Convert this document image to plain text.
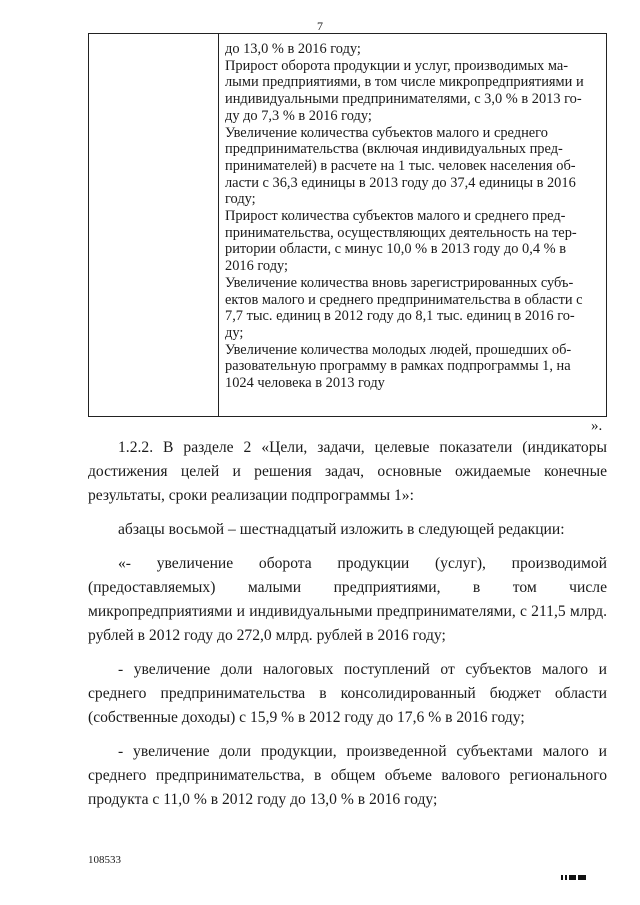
7

до 13,0 % в 2016 году;

Прирост оборота продукции и услуг, производимых ма-

лыми предприятиями, в том числе микропредприятиями и

индивидуальными предпринимателями, с 3,0 % в 2013 го-

ду до 7,3 % в 2016 году;

Увеличение количества субъектов малого и среднего

предпринимательства (включая индивидуальных пред-

принимателей) в расчете на 1 тыс. человек населения об-

ласти с 36,3 единицы в 2013 году до 37,4 единицы в 2016

году;

Прирост количества субъектов малого и среднего пред-

принимательства, осуществляющих деятельность на тер-

ритории области, с минус 10,0 % в 2013 году до 0,4 % в

2016 году;

Увеличение количества вновь зарегистрированных субъ-

ектов малого и среднего предпринимательства в области с

7,7 тыс. единиц в 2012 году до 8,1 тыс. единиц в 2016 го-

ду;

Увеличение количества молодых людей, прошедших об-

разовательную программу в рамках подпрограммы 1, на

1024 человека в 2013 году

».

1.2.2. В разделе 2 «Цели, задачи, целевые показатели (индикаторы достижения целей и решения задач, основные ожидаемые конечные результаты, сроки реализации подпрограммы 1»:

абзацы восьмой – шестнадцатый изложить в следующей редакции:

«- увеличение оборота продукции (услуг), производимой (предоставляемых) малыми предприятиями, в том числе микропредприятиями и индивидуальными предпринимателями, с 211,5 млрд. рублей в 2012 году до 272,0 млрд. рублей в 2016 году;

- увеличение доли налоговых поступлений от субъектов малого и среднего предпринимательства в консолидированный бюджет области (собственные доходы) с 15,9 % в 2012 году до 17,6 % в 2016 году;

- увеличение доли продукции, произведенной субъектами малого и среднего предпринимательства, в общем объеме валового регионального продукта с 11,0 % в 2012 году до 13,0 % в 2016 году;

108533
